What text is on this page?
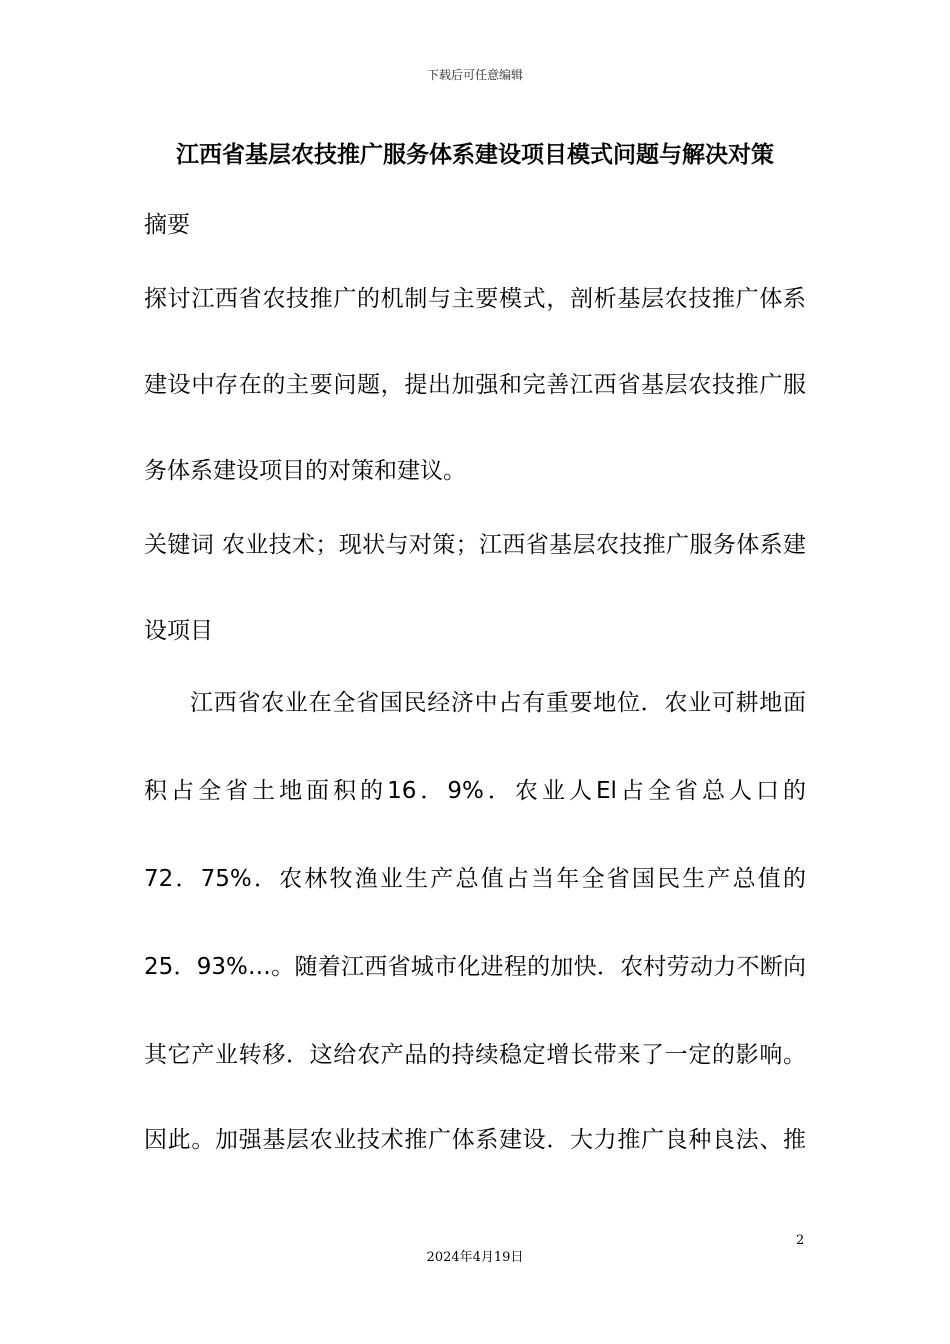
下载后可任意编辑
江西省基层农技推广服务体系建设项目模式问题与解决对策
摘要
探讨江西省农技推广的机制与主要模式，剖析基层农技推广体系
建设中存在的主要问题，提出加强和完善江西省基层农技推广服
务体系建设项目的对策和建议。
关键词 农业技术；现状与对策；江西省基层农技推广服务体系建
设项目
江西省农业在全省国民经济中占有重要地位．农业可耕地面
积占全省土地面积的16．9%．农业人El占全省总人口的
72．75%．农林牧渔业生产总值占当年全省国民生产总值的
25．93%…。随着江西省城市化进程的加快．农村劳动力不断向
其它产业转移．这给农产品的持续稳定增长带来了一定的影响。
因此。加强基层农业技术推广体系建设．大力推广良种良法、推
2
2024年4月19日
